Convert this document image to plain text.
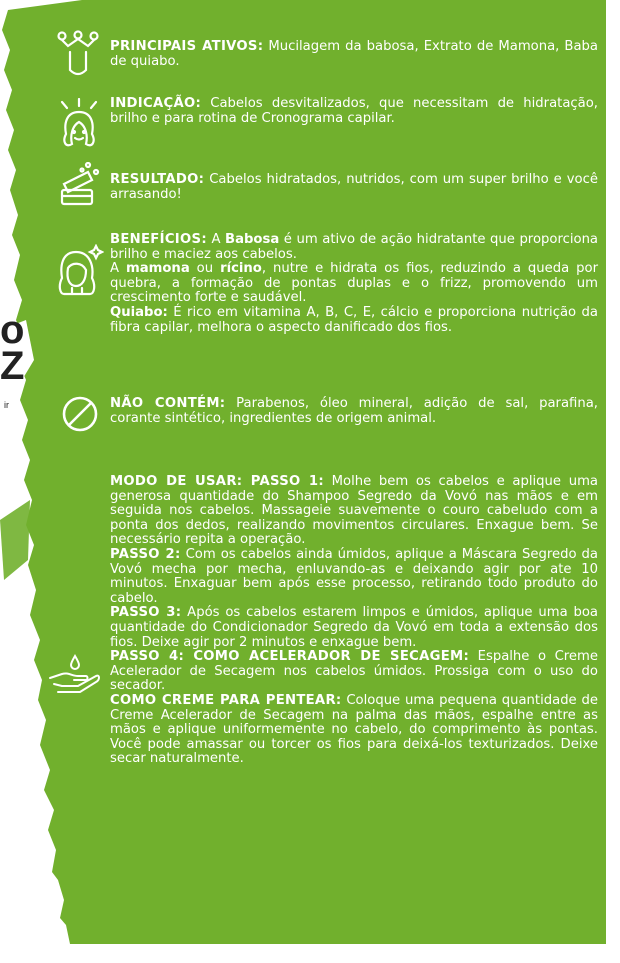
o
Z
ir

PRINCIPAIS ATIVOS: Mucilagem da babosa, Extrato de Mamona, Baba de quiabo.

INDICAÇÃO: Cabelos desvitalizados, que necessitam de hidratação, brilho e para rotina de Cronograma capilar.

RESULTADO: Cabelos hidratados, nutridos, com um super brilho e você arrasando!

BENEFÍCIOS: A Babosa é um ativo de ação hidratante que proporciona brilho e maciez aos cabelos.

A mamona ou rícino, nutre e hidrata os fios, reduzindo a queda por quebra, a formação de pontas duplas e o frizz, promovendo um crescimento forte e saudável.

Quiabo: É rico em vitamina A, B, C, E, cálcio e proporciona nutrição da fibra capilar, melhora o aspecto danificado dos fios.

NÃO CONTÉM: Parabenos, óleo mineral, adição de sal, parafina, corante sintético, ingredientes de origem animal.

MODO DE USAR: PASSO 1: Molhe bem os cabelos e aplique uma generosa quantidade do Shampoo Segredo da Vovó nas mãos e em seguida nos cabelos. Massageie suavemente o couro cabeludo com a ponta dos dedos, realizando movimentos circulares. Enxague bem. Se necessário repita a operação.

PASSO 2: Com os cabelos ainda úmidos, aplique a Máscara Segredo da Vovó mecha por mecha, enluvando-as e deixando agir por ate 10 minutos. Enxaguar bem após esse processo, retirando todo produto do cabelo.

PASSO 3: Após os cabelos estarem limpos e úmidos, aplique uma boa quantidade do Condicionador Segredo da Vovó em toda a extensão dos fios. Deixe agir por 2 minutos e enxague bem.

PASSO 4: COMO ACELERADOR DE SECAGEM: Espalhe o Creme Acelerador de Secagem nos cabelos úmidos. Prossiga com o uso do secador.

COMO CREME PARA PENTEAR: Coloque uma pequena quantidade de Creme Acelerador de Secagem na palma das mãos, espalhe entre as mãos e aplique uniformemente no cabelo, do comprimento às pontas. Você pode amassar ou torcer os fios para deixá-los texturizados. Deixe secar naturalmente.
